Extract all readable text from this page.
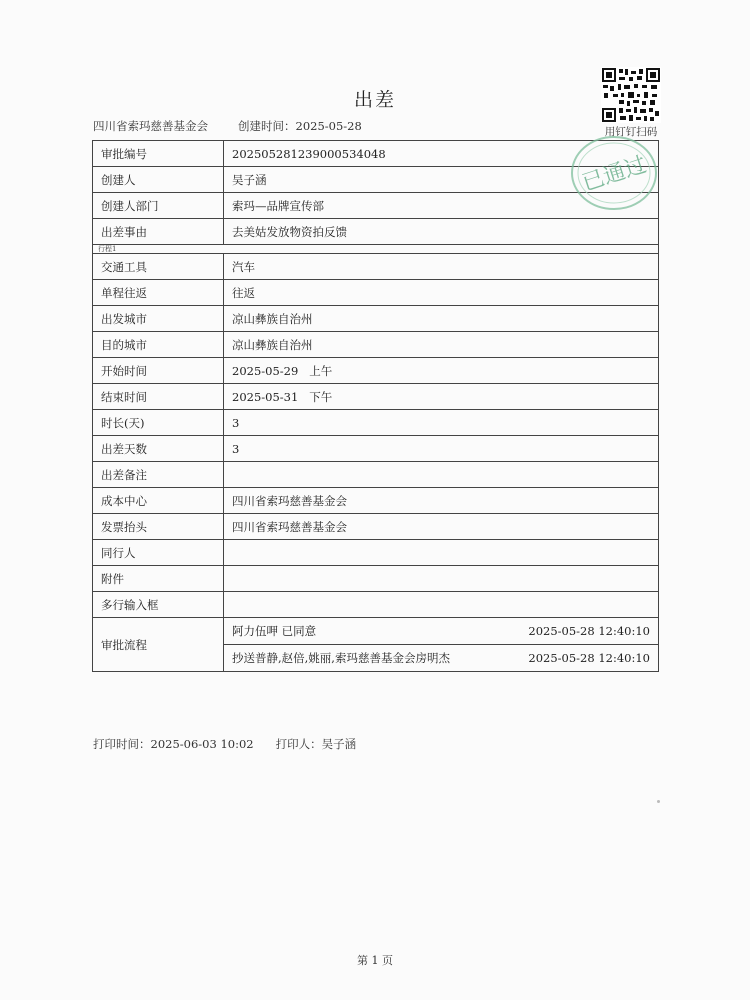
出差
四川省索玛慈善基金会	创建时间：2025-05-28	用钉钉扫码
审批编号	202505281239000534048
创建人	吴子涵
创建人部门	索玛—品牌宣传部
出差事由	去美姑发放物资拍反馈
行程1	
交通工具	汽车
单程往返	往返
出发城市	凉山彝族自治州
目的城市	凉山彝族自治州
开始时间	2025-05-29   上午
结束时间	2025-05-31   下午
时长(天)	3
出差天数	3
出差备注	
成本中心	四川省索玛慈善基金会
发票抬头	四川省索玛慈善基金会
同行人	
附件	
多行输入框	
审批流程	阿力伍呷 已同意 2025-05-28 12:40:10
抄送普静,赵倍,姚丽,索玛慈善基金会房明杰 2025-05-28 12:40:10
已通过
打印时间：2025-06-03 10:02 打印人：吴子涵
第 1 页
